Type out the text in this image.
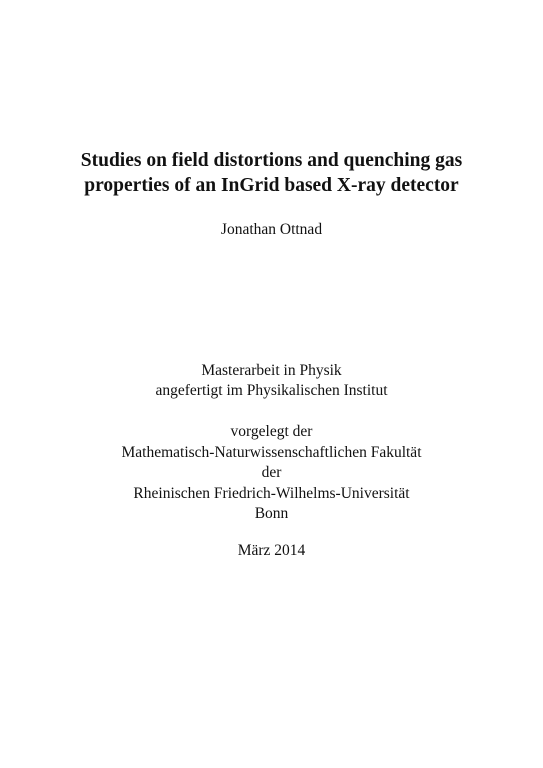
Studies on field distortions and quenching gas
properties of an InGrid based X-ray detector
Jonathan Ottnad
Masterarbeit in Physik
angefertigt im Physikalischen Institut
vorgelegt der
Mathematisch-Naturwissenschaftlichen Fakultät
der
Rheinischen Friedrich-Wilhelms-Universität
Bonn
März 2014
